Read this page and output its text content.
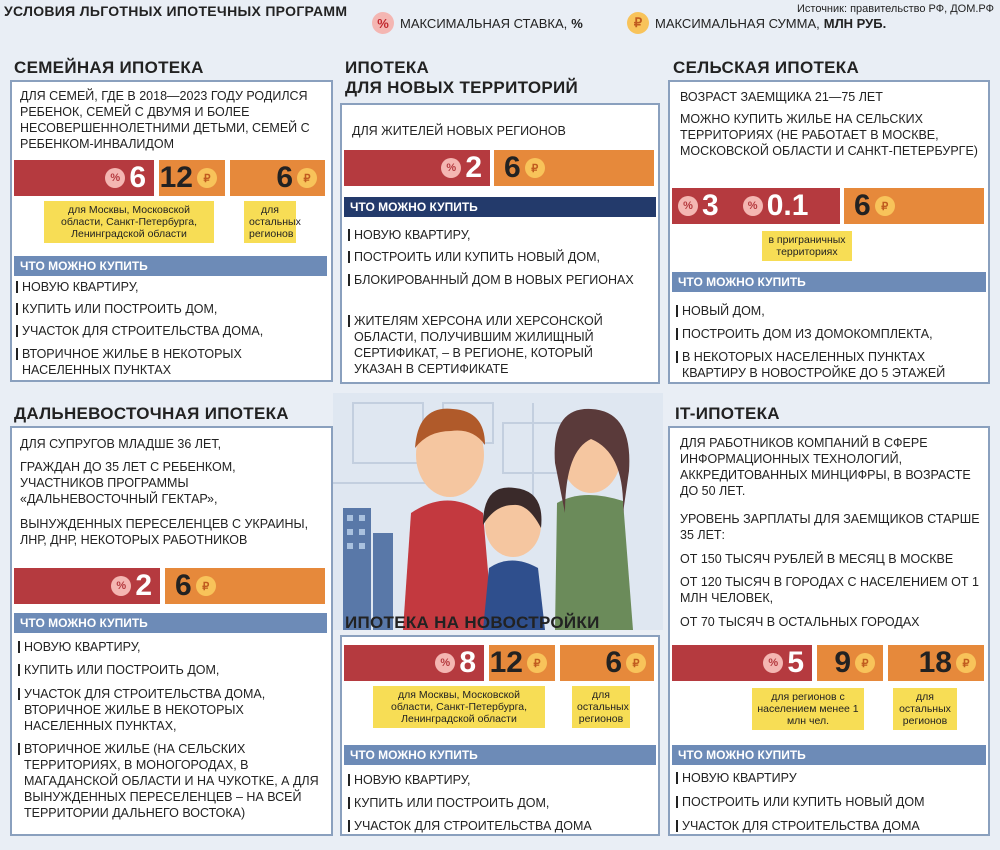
УСЛОВИЯ ЛЬГОТНЫХ ИПОТЕЧНЫХ ПРОГРАММ
% МАКСИМАЛЬНАЯ СТАВКА, %	₽ МАКСИМАЛЬНАЯ СУММА, МЛН РУБ.
Источник: правительство РФ, ДОМ.РФ
СЕМЕЙНАЯ ИПОТЕКА
ДЛЯ СЕМЕЙ, ГДЕ В 2018—2023 ГОДУ РОДИЛСЯ РЕБЕНОК, СЕМЕЙ С ДВУМЯ И БОЛЕЕ НЕСОВЕРШЕННОЛЕТНИМИ ДЕТЬМИ, СЕМЕЙ С РЕБЕНКОМ-ИНВАЛИДОМ
% 6 12 ₽ 6 ₽
для Москвы, Московской области, Санкт-Петербурга, Ленинградской области
для остальных регионов
ЧТО МОЖНО КУПИТЬ
НОВУЮ КВАРТИРУ,
КУПИТЬ ИЛИ ПОСТРОИТЬ ДОМ,
УЧАСТОК ДЛЯ СТРОИТЕЛЬСТВА ДОМА,
ВТОРИЧНОЕ ЖИЛЬЕ В НЕКОТОРЫХ НАСЕЛЕННЫХ ПУНКТАХ
ИПОТЕКА
ДЛЯ НОВЫХ ТЕРРИТОРИЙ
ДЛЯ ЖИТЕЛЕЙ НОВЫХ РЕГИОНОВ
% 2 6 ₽
ЧТО МОЖНО КУПИТЬ
НОВУЮ КВАРТИРУ,
ПОСТРОИТЬ ИЛИ КУПИТЬ НОВЫЙ ДОМ,
БЛОКИРОВАННЫЙ ДОМ В НОВЫХ РЕГИОНАХ
ЖИТЕЛЯМ ХЕРСОНА ИЛИ ХЕРСОНСКОЙ ОБЛАСТИ, ПОЛУЧИВШИМ ЖИЛИЩНЫЙ СЕРТИФИКАТ, – В РЕГИОНЕ, КОТОРЫЙ УКАЗАН В СЕРТИФИКАТЕ
СЕЛЬСКАЯ ИПОТЕКА
ВОЗРАСТ ЗАЕМЩИКА 21—75 ЛЕТ
МОЖНО КУПИТЬ ЖИЛЬЕ НА СЕЛЬСКИХ ТЕРРИТОРИЯХ (НЕ РАБОТАЕТ В МОСКВЕ, МОСКОВСКОЙ ОБЛАСТИ И САНКТ-ПЕТЕРБУРГЕ)
% 3	% 0.1 6 ₽
в приграничных территориях
ЧТО МОЖНО КУПИТЬ
НОВЫЙ ДОМ,
ПОСТРОИТЬ ДОМ ИЗ ДОМОКОМПЛЕКТА,
В НЕКОТОРЫХ НАСЕЛЕННЫХ ПУНКТАХ КВАРТИРУ В НОВОСТРОЙКЕ ДО 5 ЭТАЖЕЙ
ДАЛЬНЕВОСТОЧНАЯ ИПОТЕКА
ДЛЯ СУПРУГОВ МЛАДШЕ 36 ЛЕТ,
ГРАЖДАН ДО 35 ЛЕТ С РЕБЕНКОМ, УЧАСТНИКОВ ПРОГРАММЫ «ДАЛЬНЕВОСТОЧНЫЙ ГЕКТАР»,
ВЫНУЖДЕННЫХ ПЕРЕСЕЛЕНЦЕВ С УКРАИНЫ, ЛНР, ДНР, НЕКОТОРЫХ РАБОТНИКОВ
% 2 6 ₽
ЧТО МОЖНО КУПИТЬ
НОВУЮ КВАРТИРУ,
КУПИТЬ ИЛИ ПОСТРОИТЬ ДОМ,
УЧАСТОК ДЛЯ СТРОИТЕЛЬСТВА ДОМА, ВТОРИЧНОЕ ЖИЛЬЕ В НЕКОТОРЫХ НАСЕЛЕННЫХ ПУНКТАХ,
ВТОРИЧНОЕ ЖИЛЬЕ (НА СЕЛЬСКИХ ТЕРРИТОРИЯХ, В МОНОГОРОДАХ, В МАГАДАНСКОЙ ОБЛАСТИ И НА ЧУКОТКЕ, А ДЛЯ ВЫНУЖДЕННЫХ ПЕРЕСЕЛЕНЦЕВ – НА ВСЕЙ ТЕРРИТОРИИ ДАЛЬНЕГО ВОСТОКА)
ИПОТЕКА НА НОВОСТРОЙКИ
% 8 12 ₽ 6 ₽
для Москвы, Московской области, Санкт-Петербурга, Ленинградской области
для остальных регионов
ЧТО МОЖНО КУПИТЬ
НОВУЮ КВАРТИРУ,
КУПИТЬ ИЛИ ПОСТРОИТЬ ДОМ,
УЧАСТОК ДЛЯ СТРОИТЕЛЬСТВА ДОМА
IT-ИПОТЕКА
ДЛЯ РАБОТНИКОВ КОМПАНИЙ В СФЕРЕ ИНФОРМАЦИОННЫХ ТЕХНОЛОГИЙ, АККРЕДИТОВАННЫХ МИНЦИФРЫ, В ВОЗРАСТЕ ДО 50 ЛЕТ.
УРОВЕНЬ ЗАРПЛАТЫ ДЛЯ ЗАЕМЩИКОВ СТАРШЕ 35 ЛЕТ:
ОТ 150 ТЫСЯЧ РУБЛЕЙ В МЕСЯЦ В МОСКВЕ
ОТ 120 ТЫСЯЧ В ГОРОДАХ С НАСЕЛЕНИЕМ ОТ 1 МЛН ЧЕЛОВЕК,
ОТ 70 ТЫСЯЧ В ОСТАЛЬНЫХ ГОРОДАХ
% 5 9 ₽ 18 ₽
для регионов с населением менее 1 млн чел.
для остальных регионов
ЧТО МОЖНО КУПИТЬ
НОВУЮ КВАРТИРУ
ПОСТРОИТЬ ИЛИ КУПИТЬ НОВЫЙ ДОМ
УЧАСТОК ДЛЯ СТРОИТЕЛЬСТВА ДОМА
